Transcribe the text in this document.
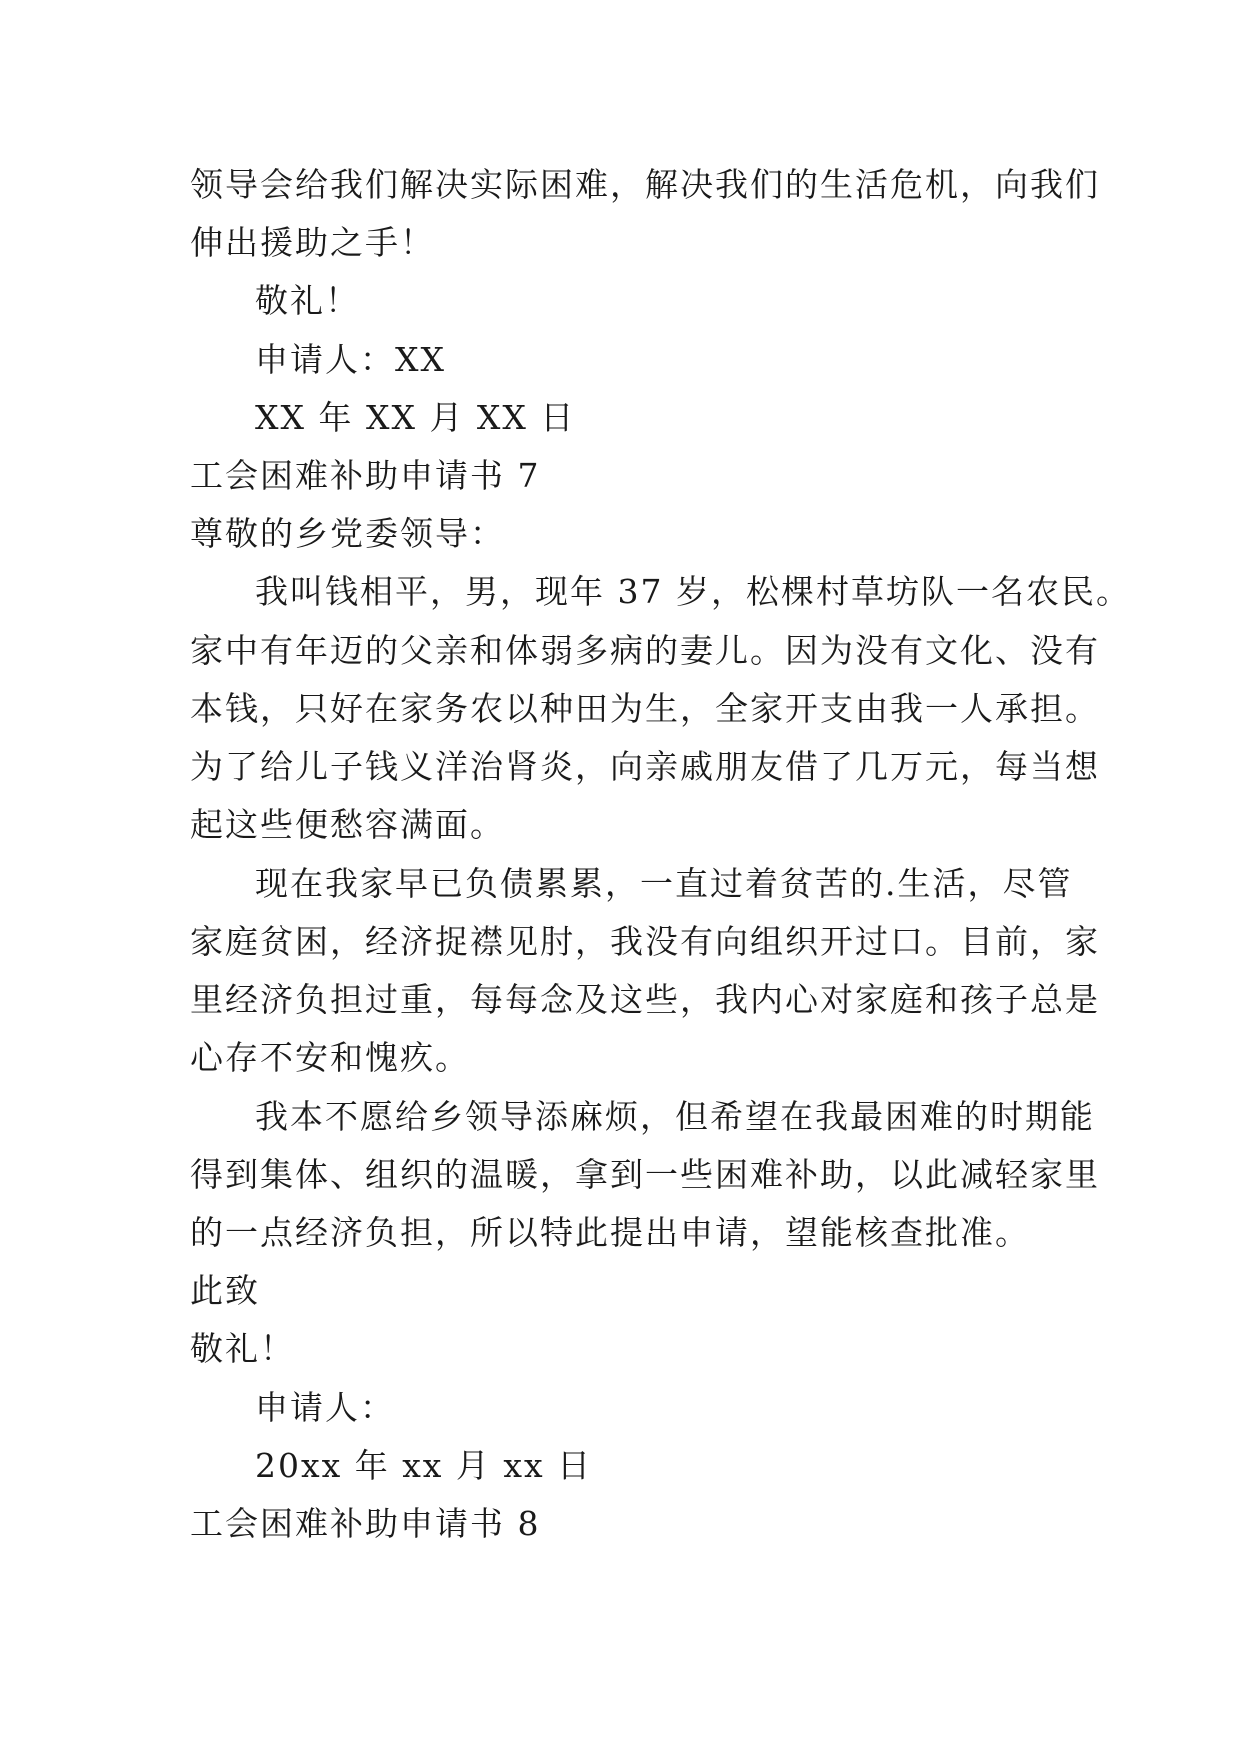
领导会给我们解决实际困难，解决我们的生活危机，向我们
伸出援助之手！
敬礼！
申请人：XX
XX 年 XX 月 XX 日
工会困难补助申请书 7
尊敬的乡党委领导：
我叫钱相平，男，现年 37 岁，松棵村草坊队一名农民。
家中有年迈的父亲和体弱多病的妻儿。因为没有文化、没有
本钱，只好在家务农以种田为生，全家开支由我一人承担。
为了给儿子钱义洋治肾炎，向亲戚朋友借了几万元，每当想
起这些便愁容满面。
现在我家早已负债累累，一直过着贫苦的.生活，尽管
家庭贫困，经济捉襟见肘，我没有向组织开过口。目前，家
里经济负担过重，每每念及这些，我内心对家庭和孩子总是
心存不安和愧疚。
我本不愿给乡领导添麻烦，但希望在我最困难的时期能
得到集体、组织的温暖，拿到一些困难补助，以此减轻家里
的一点经济负担，所以特此提出申请，望能核查批准。
此致
敬礼！
申请人：
20xx 年 xx 月 xx 日
工会困难补助申请书 8
